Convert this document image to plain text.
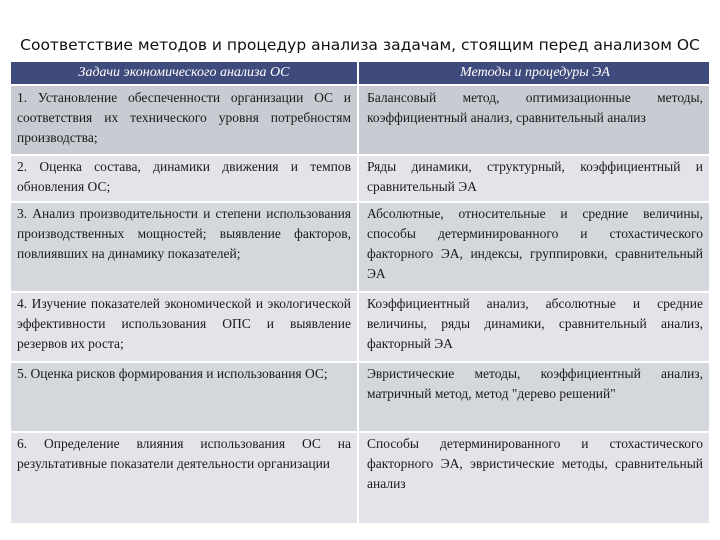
Соответствие методов и процедур анализа задачам, стоящим перед анализом ОС
Задачи экономического анализа ОС	Методы и процедуры ЭА
1. Установление обеспеченности организации ОС и соответствия их технического уровня потребностям производства;
Балансовый метод, оптимизационные методы, коэффициентный анализ, сравнительный анализ
2. Оценка состава, динамики движения и темпов обновления ОС;
Ряды динамики, структурный, коэффициентный и сравнительный ЭА
3. Анализ производительности и степени использования производственных мощностей; выявление факторов, повлиявших на динамику показателей;
Абсолютные, относительные и средние величины, способы детерминированного и стохастического факторного ЭА, индексы, группировки, сравнительный ЭА
4. Изучение показателей экономической и экологической эффективности использования ОПС и выявление резервов их роста;
Коэффициентный анализ, абсолютные и средние величины, ряды динамики, сравнительный анализ, факторный ЭА
5. Оценка рисков формирования и использования ОС;	Эвристические методы, коэффициентный анализ, матричный метод, метод "дерево решений"
6. Определение влияния использования ОС на результативные показатели деятельности организации
Способы детерминированного и стохастического факторного ЭА, эвристические методы, сравнительный анализ
